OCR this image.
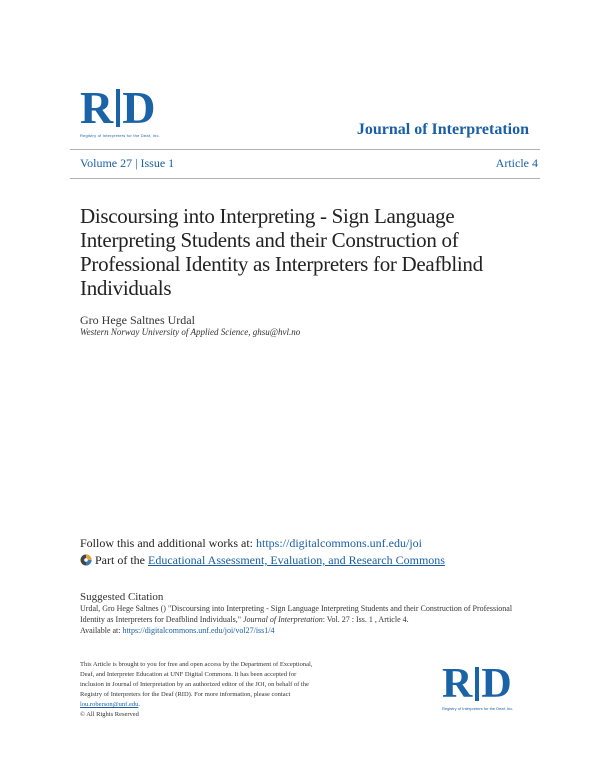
R D
Registry of Interpreters for the Deaf, Inc.	Journal of Interpretation
Volume 27 | Issue 1	Article 4
Discoursing into Interpreting - Sign Language Interpreting Students and their Construction of Professional Identity as Interpreters for Deafblind Individuals
Gro Hege Saltnes Urdal
Western Norway University of Applied Science, ghsu@hvl.no
Follow this and additional works at: https://digitalcommons.unf.edu/joi
Part of the Educational Assessment, Evaluation, and Research Commons
Suggested Citation
Urdal, Gro Hege Saltnes () "Discoursing into Interpreting - Sign Language Interpreting Students and their Construction of Professional Identity as Interpreters for Deafblind Individuals," Journal of Interpretation: Vol. 27 : Iss. 1 , Article 4.
Available at: https://digitalcommons.unf.edu/joi/vol27/iss1/4
This Article is brought to you for free and open access by the Department of Exceptional, Deaf, and Interpreter Education at UNF Digital Commons. It has been accepted for inclusion in Journal of Interpretation by an authorized editor of the JOI, on behalf of the Registry of Interpreters for the Deaf (RID). For more information, please contact
lou.roberson@unf.edu.
© All Rights Reserved
R D
Registry of Interpreters for the Deaf, Inc.
